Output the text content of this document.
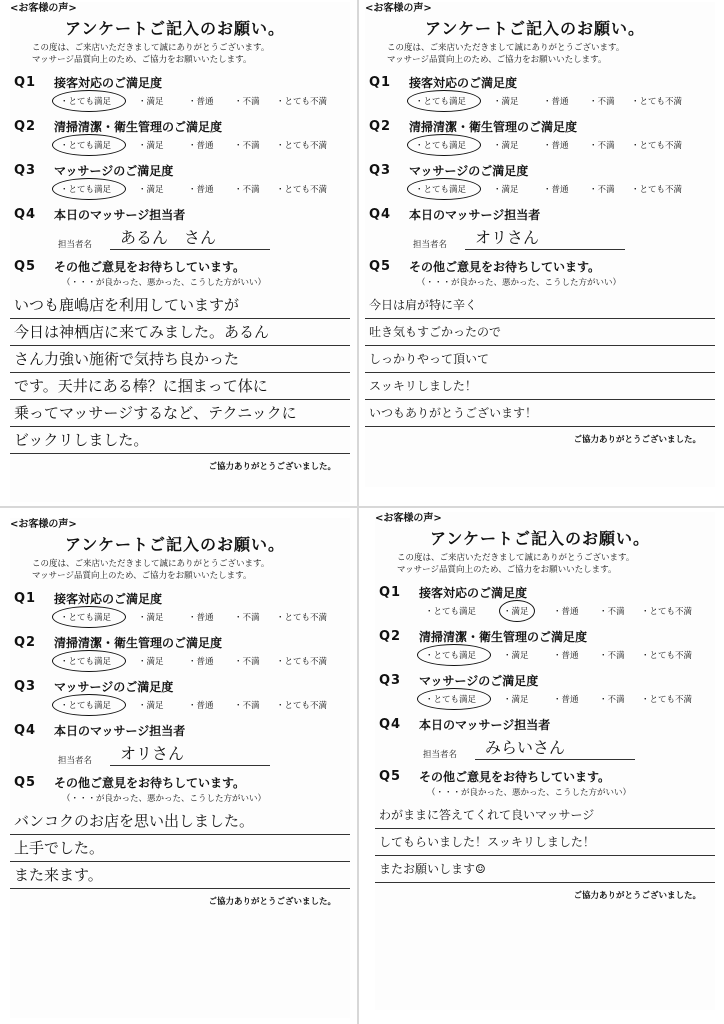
<お客様の声>
アンケートご記入のお願い。
この度は、ご来店いただきまして誠にありがとうございます。
マッサージ品質向上のため、ご協力をお願いいたします。
Q1	接客対応のご満足度
・とても満足	・満足	・普通	・不満	・とても不満
Q2	清掃清潔・衛生管理のご満足度
・とても満足	・満足	・普通	・不満	・とても不満
Q3	マッサージのご満足度
・とても満足	・満足	・普通	・不満	・とても不満
Q4	本日のマッサージ担当者
担当者名	あるん　さん
Q5	その他ご意見をお待ちしています。
（・・・が良かった、悪かった、こうした方がいい）
いつも鹿嶋店を利用していますが
今日は神栖店に来てみました。あるん
さん力強い施術で気持ち良かった
です。天井にある棒？に掴まって体に
乗ってマッサージするなど、テクニックに
ビックリしました。
ご協力ありがとうございました。
<お客様の声>
アンケートご記入のお願い。
この度は、ご来店いただきまして誠にありがとうございます。
マッサージ品質向上のため、ご協力をお願いいたします。
Q1	接客対応のご満足度
・とても満足	・満足	・普通	・不満	・とても不満
Q2	清掃清潔・衛生管理のご満足度
・とても満足	・満足	・普通	・不満	・とても不満
Q3	マッサージのご満足度
・とても満足	・満足	・普通	・不満	・とても不満
Q4	本日のマッサージ担当者
担当者名	オリさん
Q5	その他ご意見をお待ちしています。
（・・・が良かった、悪かった、こうした方がいい）
今日は肩が特に辛く
吐き気もすごかったので
しっかりやって頂いて
スッキリしました！
いつもありがとうございます！
ご協力ありがとうございました。
<お客様の声>
アンケートご記入のお願い。
この度は、ご来店いただきまして誠にありがとうございます。
マッサージ品質向上のため、ご協力をお願いいたします。
Q1	接客対応のご満足度
・とても満足	・満足	・普通	・不満	・とても不満
Q2	清掃清潔・衛生管理のご満足度
・とても満足	・満足	・普通	・不満	・とても不満
Q3	マッサージのご満足度
・とても満足	・満足	・普通	・不満	・とても不満
Q4	本日のマッサージ担当者
担当者名	オリさん
Q5	その他ご意見をお待ちしています。
（・・・が良かった、悪かった、こうした方がいい）
バンコクのお店を思い出しました。
上手でした。
また来ます。
ご協力ありがとうございました。
<お客様の声>
アンケートご記入のお願い。
この度は、ご来店いただきまして誠にありがとうございます。
マッサージ品質向上のため、ご協力をお願いいたします。
Q1	接客対応のご満足度
・とても満足	・満足	・普通	・不満	・とても不満
Q2	清掃清潔・衛生管理のご満足度
・とても満足	・満足	・普通	・不満	・とても不満
Q3	マッサージのご満足度
・とても満足	・満足	・普通	・不満	・とても不満
Q4	本日のマッサージ担当者
担当者名	みらいさん
Q5	その他ご意見をお待ちしています。
（・・・が良かった、悪かった、こうした方がいい）
わがままに答えてくれて良いマッサージ
してもらいました！スッキリしました！
またお願いします☺
ご協力ありがとうございました。
